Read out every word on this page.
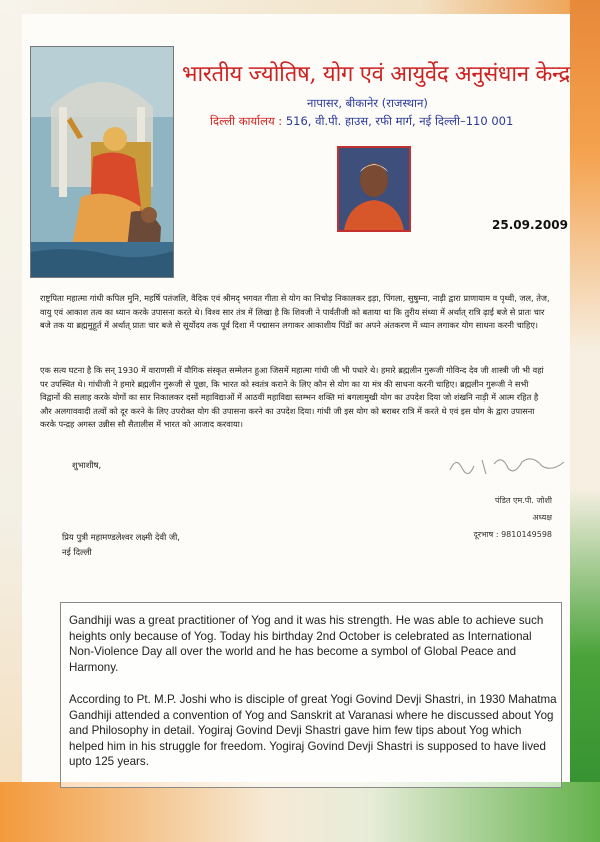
भारतीय ज्योतिष, योग एवं आयुर्वेद अनुसंधान केन्द्र
नापासर, बीकानेर (राजस्थान)
दिल्ली कार्यालय : 516, वी.पी. हाउस, रफी मार्ग, नई दिल्ली–110 001
25.09.2009
राष्ट्रपिता महात्मा गांधी कपिल मुनि, महर्षि पतंजलि, वैदिक एवं श्रीमद् भगवत गीता से योग का निचोड़ निकालकर इड़ा, पिंगला, सुषुम्ना, नाड़ी द्वारा प्राणायाम व पृथ्वी, जल, तेज, वायु एवं आकाश तत्व का ध्यान करके उपासना करते थे। विश्व सार तंत्र में लिखा है कि शिवजी ने पार्वतीजी को बताया था कि तुरीय संध्या में अर्थात् रात्रि ढ़ाई बजे से प्रातः चार बजे तक या ब्रह्ममुहूर्त में अर्थात् प्रातः चार बजे से सूर्योदय तक पूर्व दिशा में पद्मासन लगाकर आकाशीय पिंडों का अपने अंतकरण में ध्यान लगाकर योग साधना करनी चाहिए।
एक सत्य घटना है कि सन् 1930 में वाराणसी में यौगिक संस्कृत सम्मेलन हुआ जिसमें महात्मा गांधी जी भी पधारे थे। हमारे ब्रह्मलीन गुरूजी गोविन्द देव जी शास्त्री जी भी वहां पर उपस्थित थे। गांधीजी ने हमारे ब्रह्मलीन गुरूजी से पूछा, कि भारत को स्वतंत्र कराने के लिए कौन से योग का या मंत्र की साधना करनी चाहिए। ब्रह्मलीन गुरूजी ने सभी विद्वानों की सलाह करके योगों का सार निकालकर दसों महाविद्याओं में आठवीं महाविद्या स्तम्भन शक्ति मां बगलामुखी योग का उपदेश दिया जो शंखनि नाड़ी में आत्म रहित है और अलगाववादी तत्वों को दूर करने के लिए उपरोक्त योग की उपासना करने का उपदेश दिया। गांधी जी इस योग को बराबर रात्रि में करते थे एवं इस योग के द्वारा उपासना करके पन्द्रह अगस्त उन्नीस सौ सैतालीस में भारत को आजाद करवाया।
शुभाशीष,
पंडित एम.पी. जोशी
अध्यक्ष
दूरभाष : 9810149598
प्रिय पुत्री महामण्डलेश्वर लक्ष्मी देवी जी,
नई दिल्ली

Gandhiji was a great practitioner of Yog and it was his strength. He was able to achieve such heights only because of Yog. Today his birthday 2nd October is celebrated as International Non-Violence Day all over the world and he has become a symbol of Global Peace and Harmony.

According to Pt. M.P. Joshi who is disciple of great Yogi Govind Devji Shastri, in 1930 Mahatma Gandhiji attended a convention of Yog and Sanskrit at Varanasi where he discussed about Yog and Philosophy in detail. Yogiraj Govind Devji Shastri gave him few tips about Yog which helped him in his struggle for freedom. Yogiraj Govind Devji Shastri is supposed to have lived upto 125 years.
